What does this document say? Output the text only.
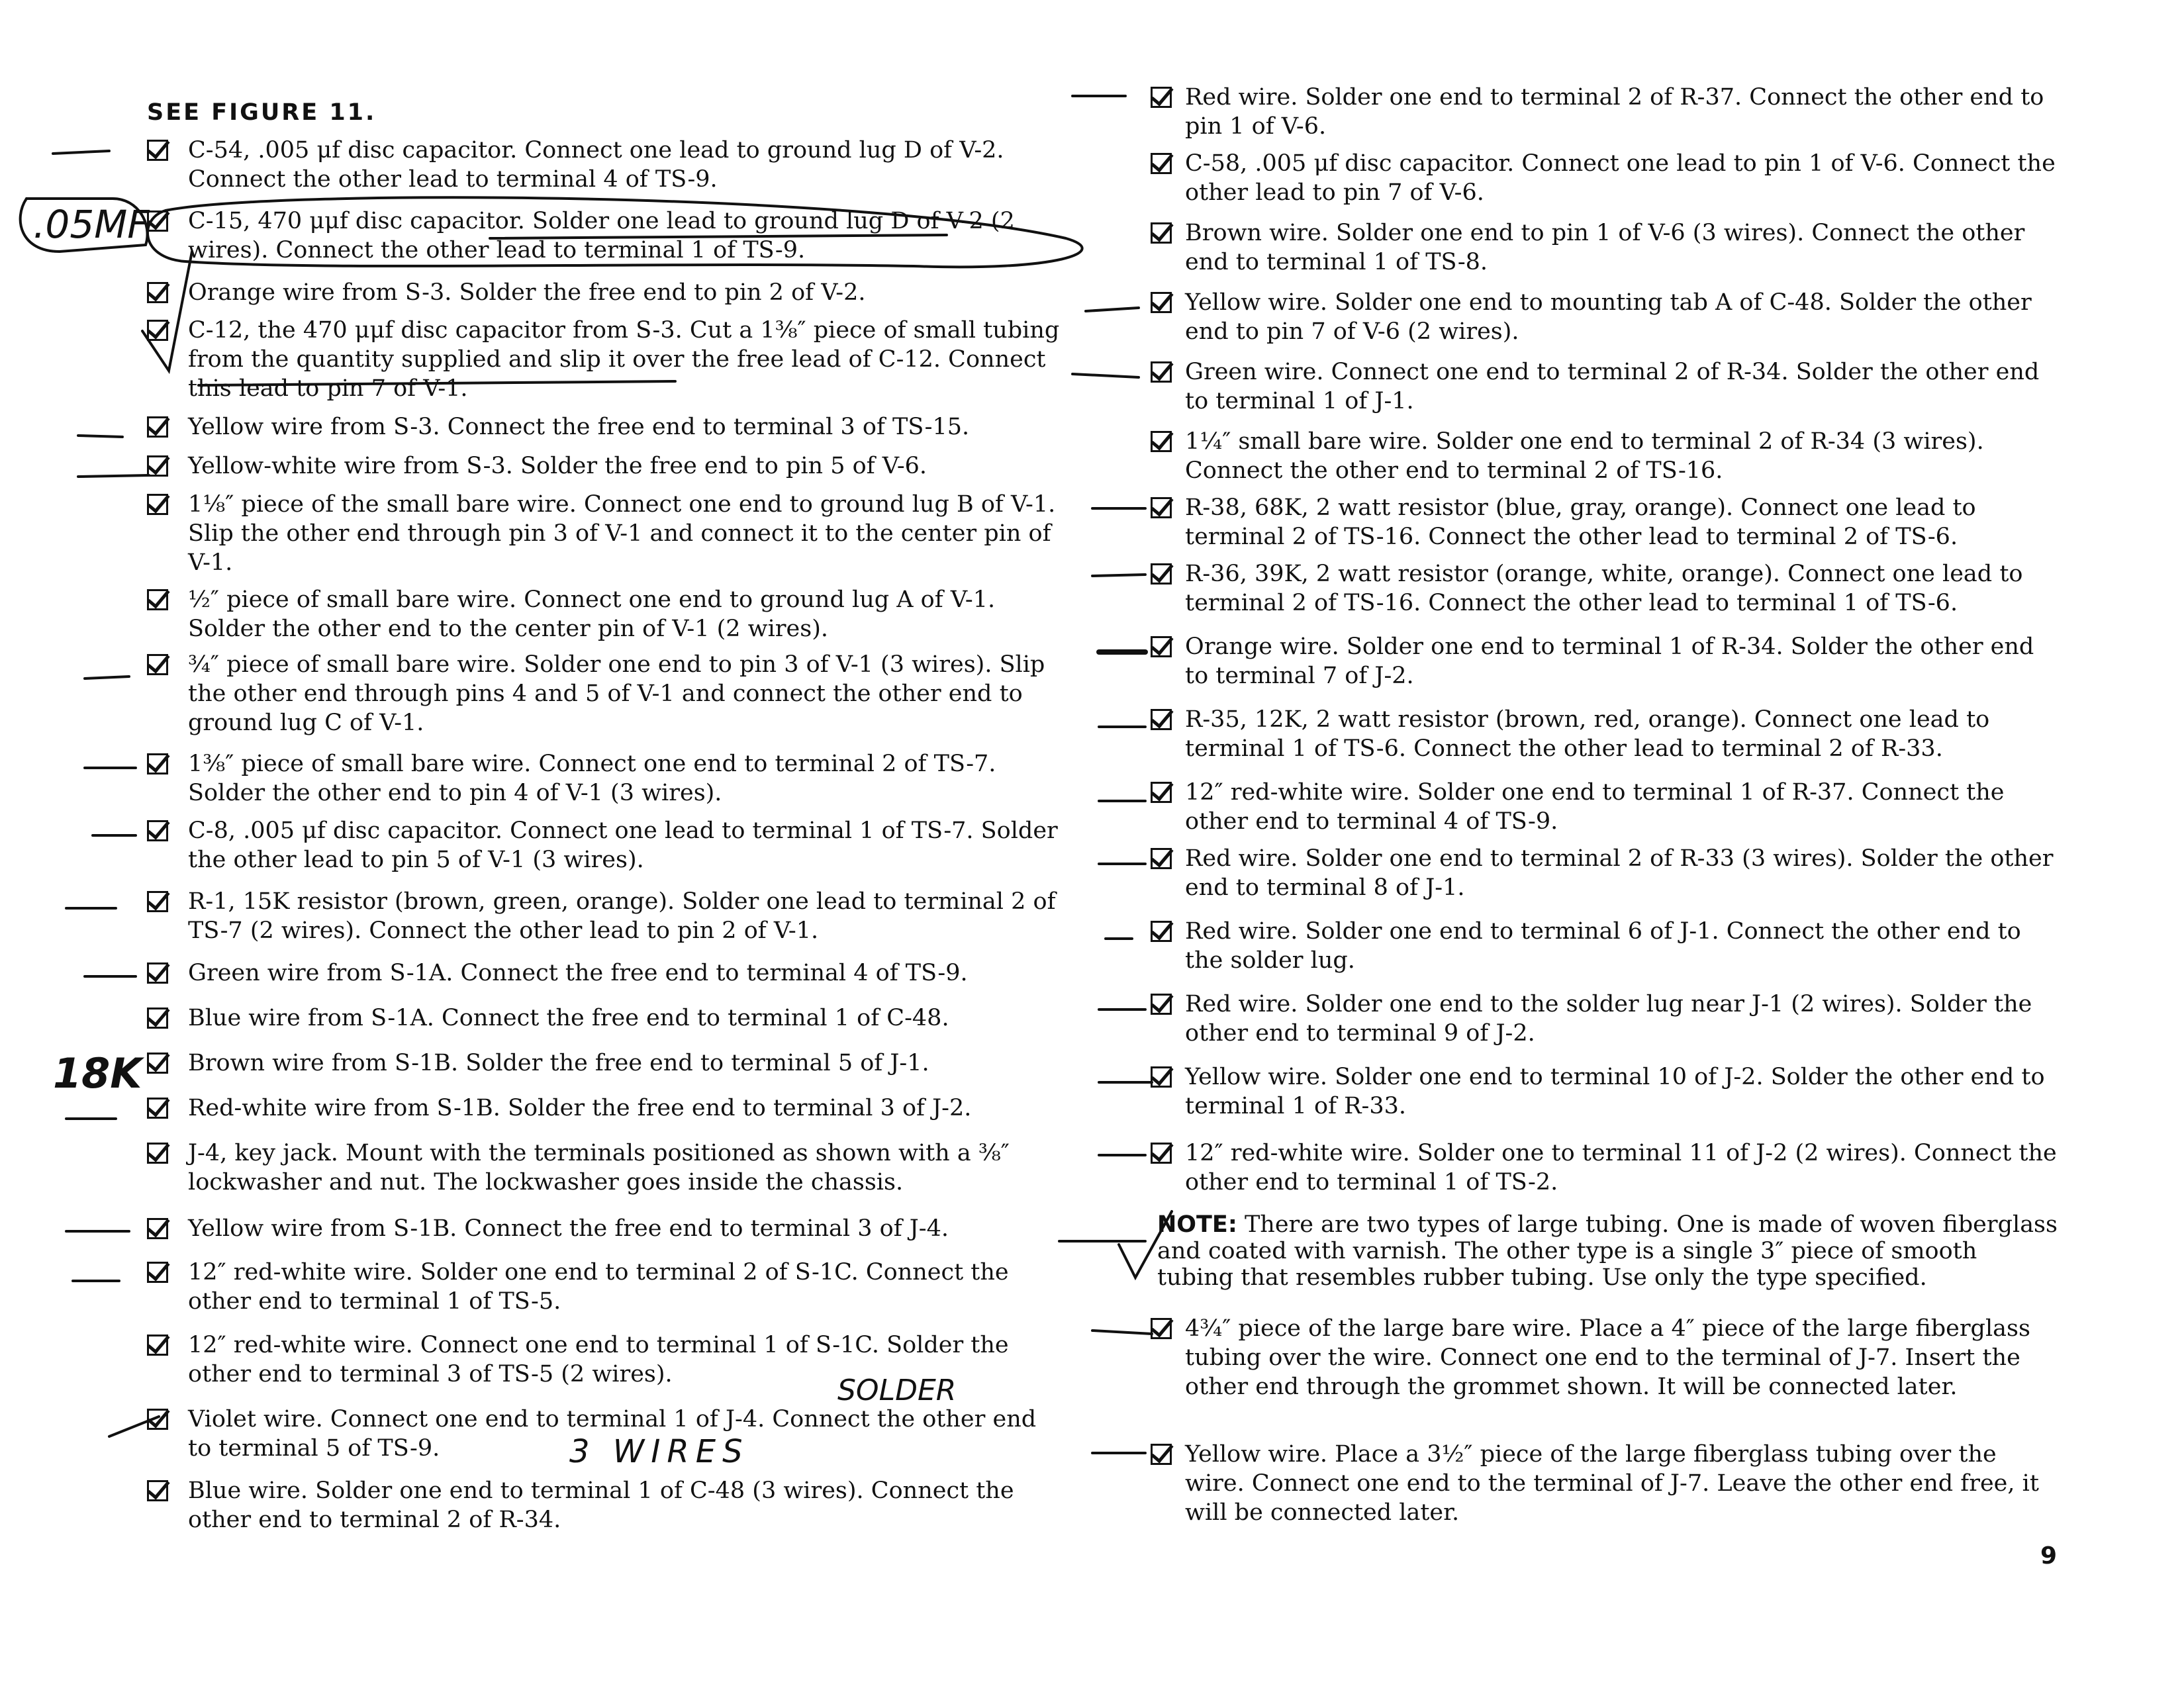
SEE FIGURE 11.
C-54, .005 μf disc capacitor. Connect one lead to ground lug D of V-2. Connect the other lead to terminal 4 of TS-9.
C-15, 470 μμf disc capacitor. Solder one lead to ground lug D of V-2 (2 wires). Connect the other lead to terminal 1 of TS-9.
Orange wire from S-3. Solder the free end to pin 2 of V-2.
C-12, the 470 μμf disc capacitor from S-3. Cut a 1⅜″ piece of small tubing from the quantity supplied and slip it over the free lead of C-12. Connect this lead to pin 7 of V-1.
Yellow wire from S-3. Connect the free end to terminal 3 of TS-15.
Yellow-white wire from S-3. Solder the free end to pin 5 of V-6.
1⅛″ piece of the small bare wire. Connect one end to ground lug B of V-1. Slip the other end through pin 3 of V-1 and connect it to the center pin of V-1.
½″ piece of small bare wire. Connect one end to ground lug A of V-1. Solder the other end to the center pin of V-1 (2 wires).
¾″ piece of small bare wire. Solder one end to pin 3 of V-1 (3 wires). Slip the other end through pins 4 and 5 of V-1 and connect the other end to ground lug C of V-1.
1⅜″ piece of small bare wire. Connect one end to terminal 2 of TS-7. Solder the other end to pin 4 of V-1 (3 wires).
C-8, .005 μf disc capacitor. Connect one lead to terminal 1 of TS-7. Solder the other lead to pin 5 of V-1 (3 wires).
R-1, 15K resistor (brown, green, orange). Solder one lead to terminal 2 of TS-7 (2 wires). Connect the other lead to pin 2 of V-1.
Green wire from S-1A. Connect the free end to terminal 4 of TS-9.
Blue wire from S-1A. Connect the free end to terminal 1 of C-48.
Brown wire from S-1B. Solder the free end to terminal 5 of J-1.
Red-white wire from S-1B. Solder the free end to terminal 3 of J-2.
J-4, key jack. Mount with the terminals positioned as shown with a ⅜″ lockwasher and nut. The lockwasher goes inside the chassis.
Yellow wire from S-1B. Connect the free end to terminal 3 of J-4.
12″ red-white wire. Solder one end to terminal 2 of S-1C. Connect the other end to terminal 1 of TS-5.
12″ red-white wire. Connect one end to terminal 1 of S-1C. Solder the other end to terminal 3 of TS-5 (2 wires).
Violet wire. Connect one end to terminal 1 of J-4. Connect the other end to terminal 5 of TS-9.
Blue wire. Solder one end to terminal 1 of C-48 (3 wires). Connect the other end to terminal 2 of R-34.
Red wire. Solder one end to terminal 2 of R-37. Connect the other end to pin 1 of V-6.
C-58, .005 μf disc capacitor. Connect one lead to pin 1 of V-6. Connect the other lead to pin 7 of V-6.
Brown wire. Solder one end to pin 1 of V-6 (3 wires). Connect the other end to terminal 1 of TS-8.
Yellow wire. Solder one end to mounting tab A of C-48. Solder the other end to pin 7 of V-6 (2 wires).
Green wire. Connect one end to terminal 2 of R-34. Solder the other end to terminal 1 of J-1.
1¼″ small bare wire. Solder one end to terminal 2 of R-34 (3 wires). Connect the other end to terminal 2 of TS-16.
R-38, 68K, 2 watt resistor (blue, gray, orange). Connect one lead to terminal 2 of TS-16. Connect the other lead to terminal 2 of TS-6.
R-36, 39K, 2 watt resistor (orange, white, orange). Connect one lead to terminal 2 of TS-16. Connect the other lead to terminal 1 of TS-6.
Orange wire. Solder one end to terminal 1 of R-34. Solder the other end to terminal 7 of J-2.
R-35, 12K, 2 watt resistor (brown, red, orange). Connect one lead to terminal 1 of TS-6. Connect the other lead to terminal 2 of R-33.
12″ red-white wire. Solder one end to terminal 1 of R-37. Connect the other end to terminal 4 of TS-9.
Red wire. Solder one end to terminal 2 of R-33 (3 wires). Solder the other end to terminal 8 of J-1.
Red wire. Solder one end to terminal 6 of J-1. Connect the other end to the solder lug.
Red wire. Solder one end to the solder lug near J-1 (2 wires). Solder the other end to terminal 9 of J-2.
Yellow wire. Solder one end to terminal 10 of J-2. Solder the other end to terminal 1 of R-33.
12″ red-white wire. Solder one to terminal 11 of J-2 (2 wires). Connect the other end to terminal 1 of TS-2.
NOTE: There are two types of large tubing. One is made of woven fiberglass and coated with varnish. The other type is a single 3″ piece of smooth tubing that resembles rubber tubing. Use only the type specified.
4¾″ piece of the large bare wire. Place a 4″ piece of the large fiberglass tubing over the wire. Connect one end to the terminal of J-7. Insert the other end through the grommet shown. It will be connected later.
Yellow wire. Place a 3½″ piece of the large fiberglass tubing over the wire. Connect one end to the terminal of J-7. Leave the other end free, it will be connected later.
9
.05MF
18K
SOLDER
3 WIRES
